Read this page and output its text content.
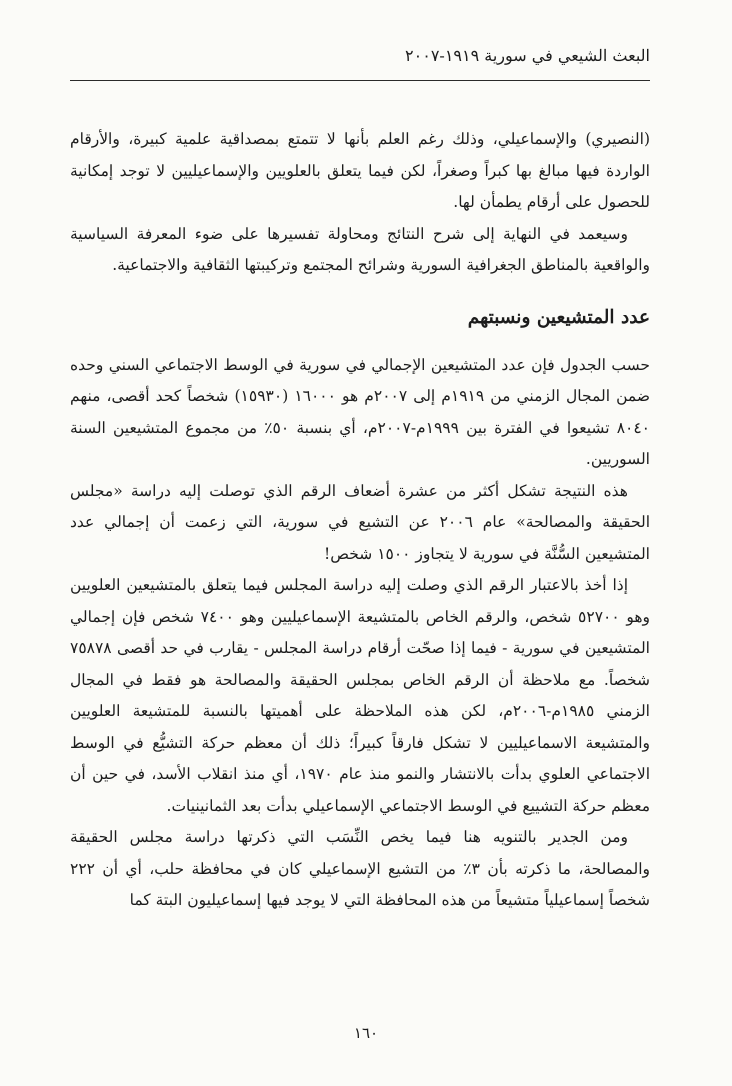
البعث الشيعي في سورية ١٩١٩-٢٠٠٧

(النصيري) والإسماعيلي، وذلك رغم العلم بأنها لا تتمتع بمصداقية علمية كبيرة، والأرقام الواردة فيها مبالغ بها كبراً وصغراً، لكن فيما يتعلق بالعلويين والإسماعيليين لا توجد إمكانية للحصول على أرقام يطمأن لها.

وسيعمد في النهاية إلى شرح النتائج ومحاولة تفسيرها على ضوء المعرفة السياسية والواقعية بالمناطق الجغرافية السورية وشرائح المجتمع وتركيبتها الثقافية والاجتماعية.

عدد المتشيعين ونسبتهم

حسب الجدول فإن عدد المتشيعين الإجمالي في سورية في الوسط الاجتماعي السني وحده ضمن المجال الزمني من ١٩١٩م إلى ٢٠٠٧م هو ١٦٠٠٠ (١٥٩٣٠) شخصاً كحد أقصى، منهم ٨٠٤٠ تشيعوا في الفترة بين ١٩٩٩م-٢٠٠٧م، أي بنسبة ٥٠٪ من مجموع المتشيعين السنة السوريين.

هذه النتيجة تشكل أكثر من عشرة أضعاف الرقم الذي توصلت إليه دراسة «مجلس الحقيقة والمصالحة» عام ٢٠٠٦ عن التشيع في سورية، التي زعمت أن إجمالي عدد المتشيعين السُّنَّة في سورية لا يتجاوز ١٥٠٠ شخص!

إذا أخذ بالاعتبار الرقم الذي وصلت إليه دراسة المجلس فيما يتعلق بالمتشيعين العلويين وهو ٥٢٧٠٠ شخص، والرقم الخاص بالمتشيعة الإسماعيليين وهو ٧٤٠٠ شخص فإن إجمالي المتشيعين في سورية - فيما إذا صحّت أرقام دراسة المجلس - يقارب في حد أقصى ٧٥٨٧٨ شخصاً. مع ملاحظة أن الرقم الخاص بمجلس الحقيقة والمصالحة هو فقط في المجال الزمني ١٩٨٥م-٢٠٠٦م، لكن هذه الملاحظة على أهميتها بالنسبة للمتشيعة العلويين والمتشيعة الاسماعيليين لا تشكل فارقاً كبيراً؛ ذلك أن معظم حركة التشيُّع في الوسط الاجتماعي العلوي بدأت بالانتشار والنمو منذ عام ١٩٧٠، أي منذ انقلاب الأسد، في حين أن معظم حركة التشييع في الوسط الاجتماعي الإسماعيلي بدأت بعد الثمانينيات.

ومن الجدير بالتنويه هنا فيما يخص النِّسَب التي ذكرتها دراسة مجلس الحقيقة والمصالحة، ما ذكرته بأن ٣٪ من التشيع الإسماعيلي كان في محافظة حلب، أي أن ٢٢٢ شخصاً إسماعيلياً متشيعاً من هذه المحافظة التي لا يوجد فيها إسماعيليون البتة كما

١٦٠
